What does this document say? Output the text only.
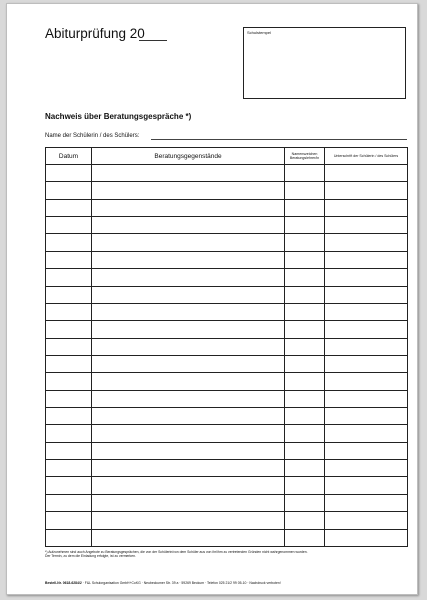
Abiturprüfung 20	Schulstempel
Nachweis über Beratungsgespräche *)
Name der Schülerin / des Schülers:
Datum	Beratungsgegenstände	Namenszeichen Beratungslehrer/in	Unterschrift der Schülerin / des Schülers

*) Aufzunehmen sind auch Angebote zu Beratungsgesprächen, die von der Schülerin/von dem Schüler aus von ihr/ihm zu vertretenden Gründen nicht wahrgenommen wurden.
Der Termin, zu dem die Einladung erfolgte, ist zu vermerken.
Bestell-Nr. 0618-6284/2 · F&L Schulorganisation GmbH+CoKG · Neubeckumer Str. 39 a · 59269 Beckum · Telefon 025 21/2 99 05-10 · Nachdruck verboten!
